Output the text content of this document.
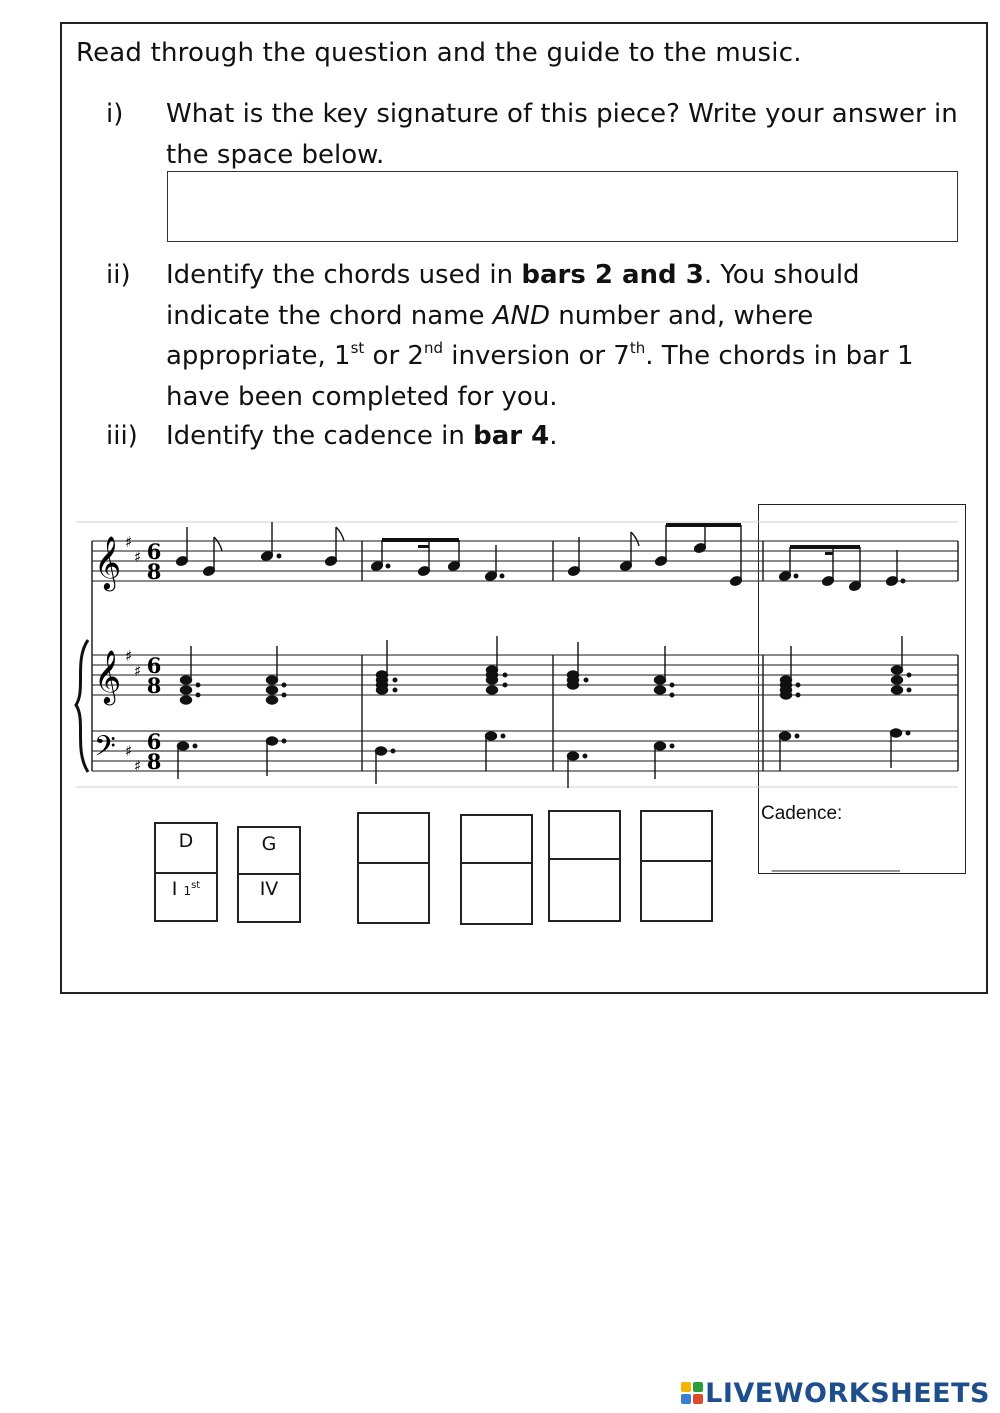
Read through the question and the guide to the music.
i) What is the key signature of this piece? Write your answer in the space below.
ii) Identify the chords used in bars 2 and 3. You should indicate the chord name AND number and, where appropriate, 1st or 2nd inversion or 7th. The chords in bar 1 have been completed for you.
iii) Identify the cadence in bar 4.
𝄞
𝄞
𝄢
♯
♯
♯
♯
♯
♯
6
8
6
8
6
8
D
I 1st
G
IV
Cadence:
_______________
LIVEWORKSHEETS
